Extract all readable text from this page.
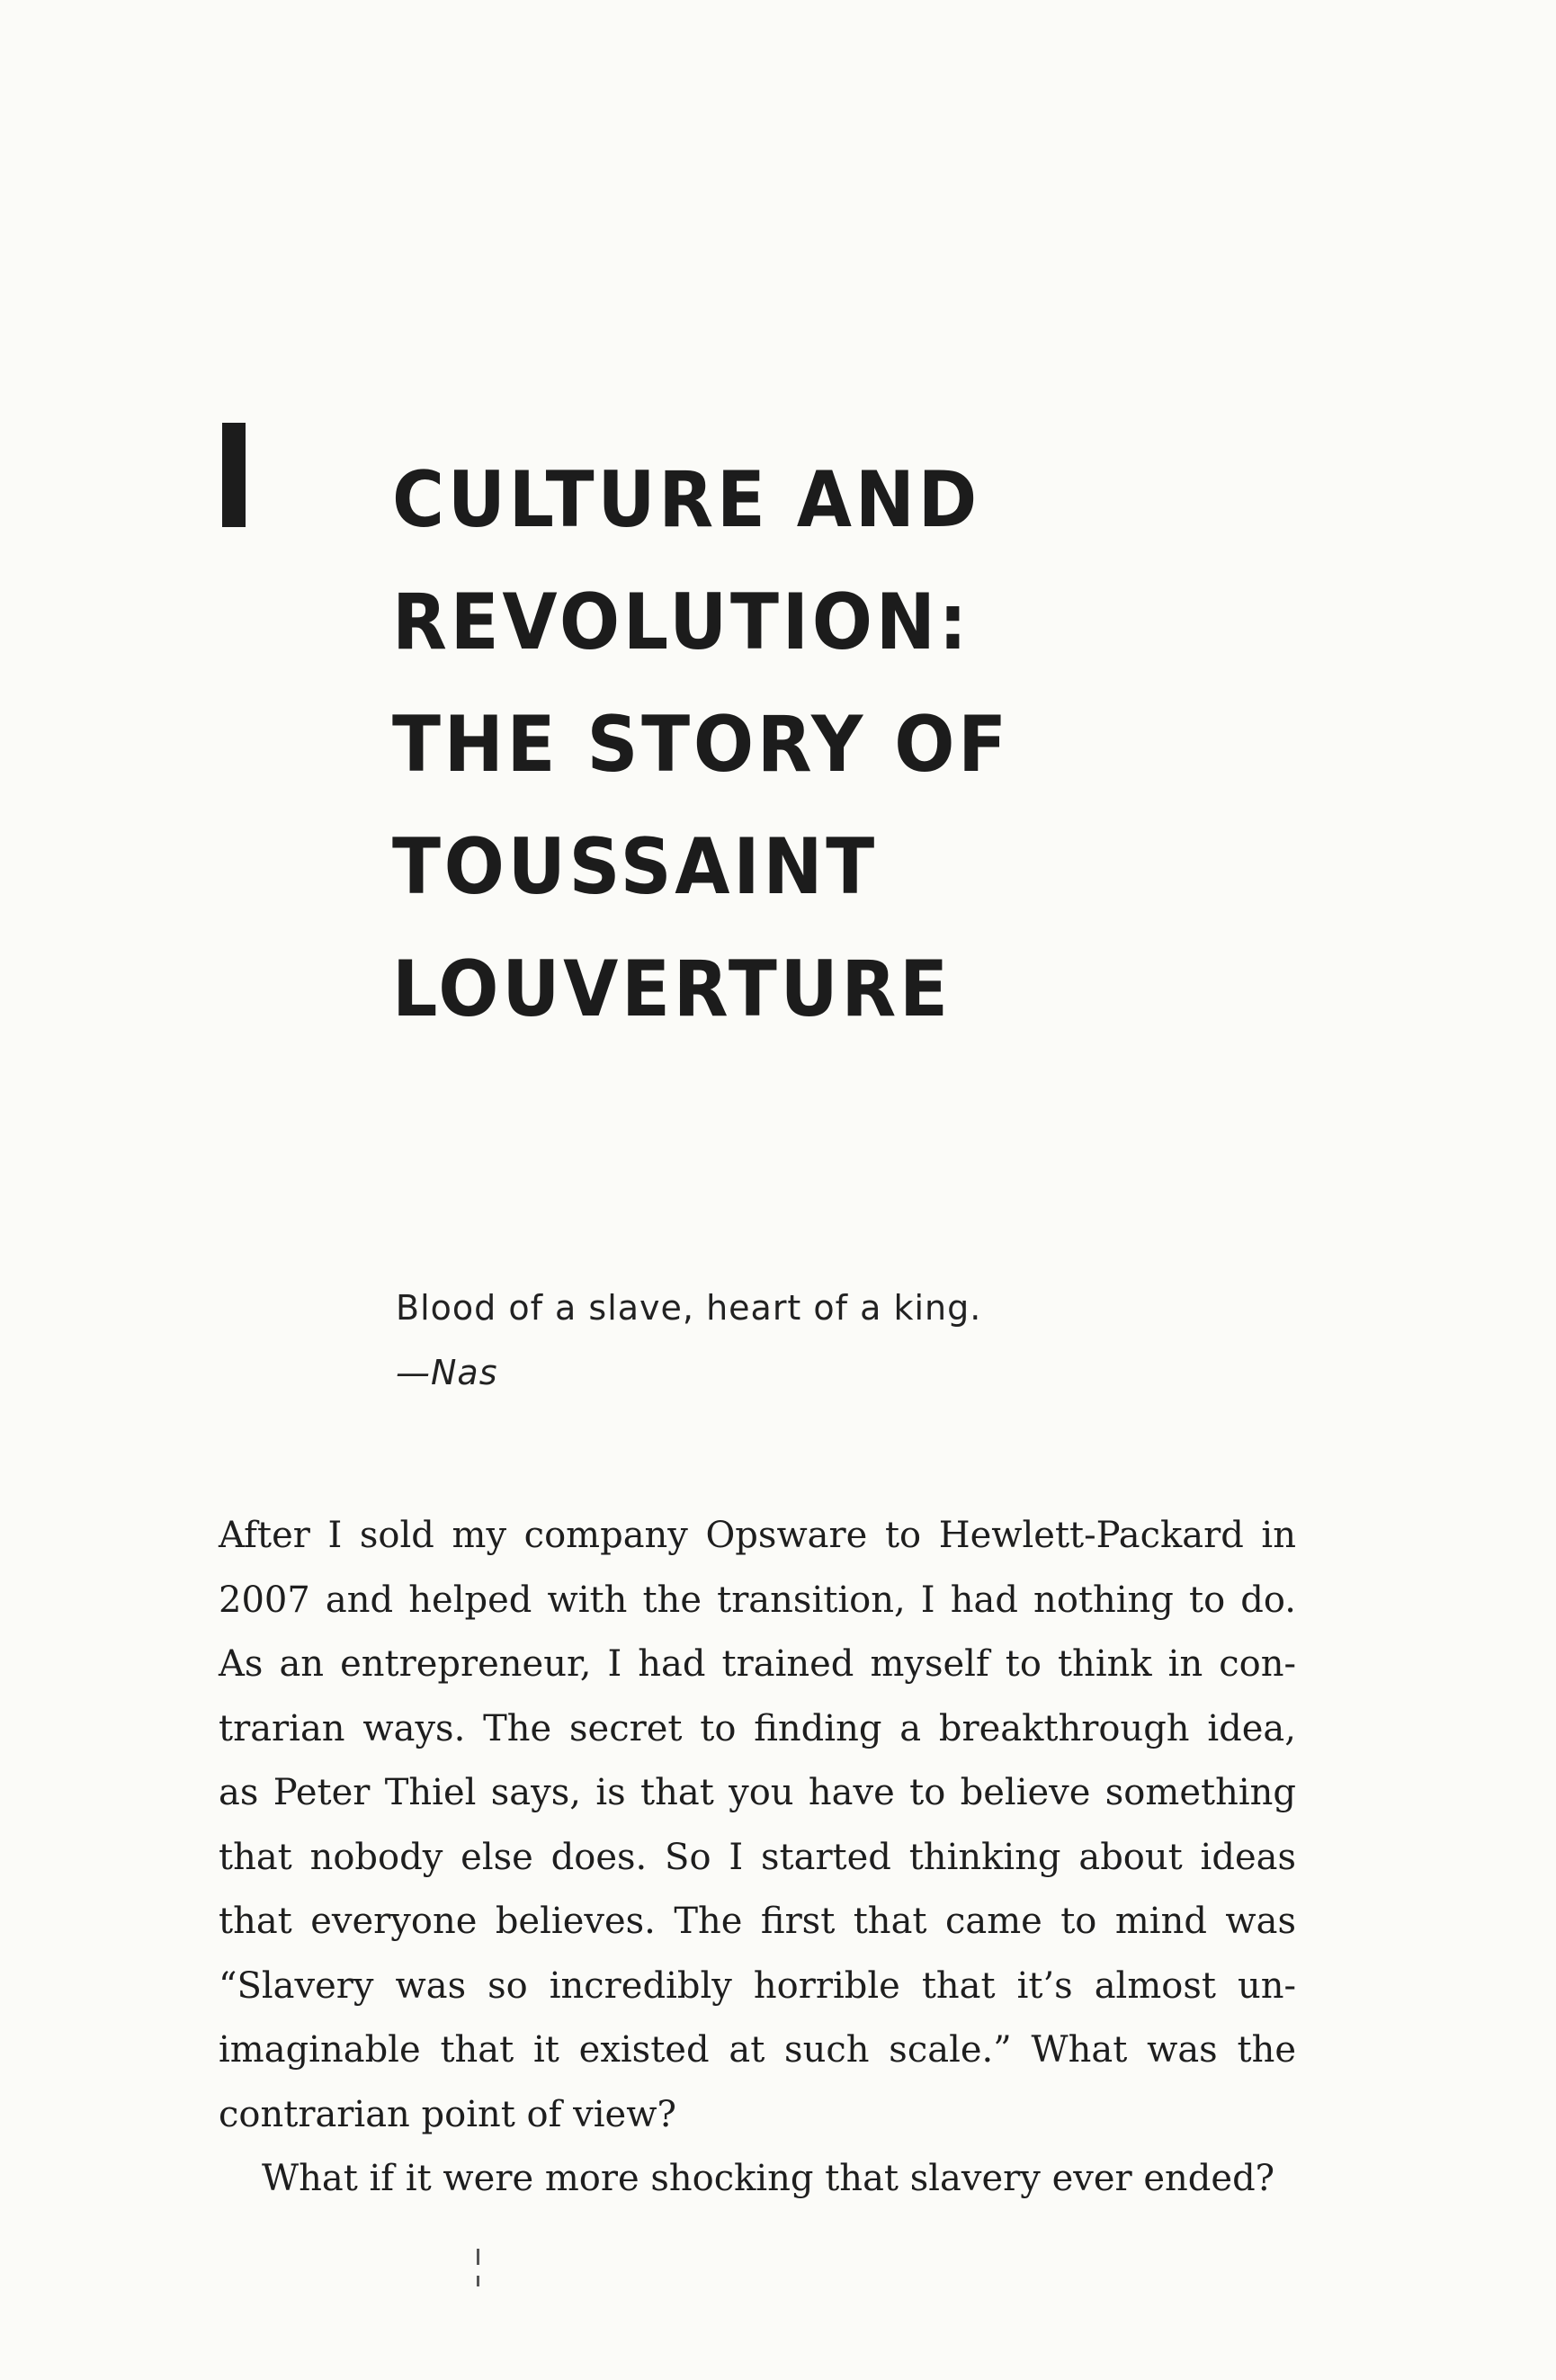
CULTURE AND
REVOLUTION:
THE STORY OF
TOUSSAINT
LOUVERTURE
Blood of a slave, heart of a king.
—Nas

After I sold my company Opsware to Hewlett-Packard in 2007 and helped with the transition, I had nothing to do. As an entrepreneur, I had trained myself to think in contrarian ways. The secret to finding a breakthrough idea, as Peter Thiel says, is that you have to believe something that nobody else does. So I started thinking about ideas that everyone believes. The first that came to mind was “Slavery was so incredibly horrible that it’s almost unimaginable that it existed at such scale.” What was the contrarian point of view?

What if it were more shocking that slavery ever ended?
